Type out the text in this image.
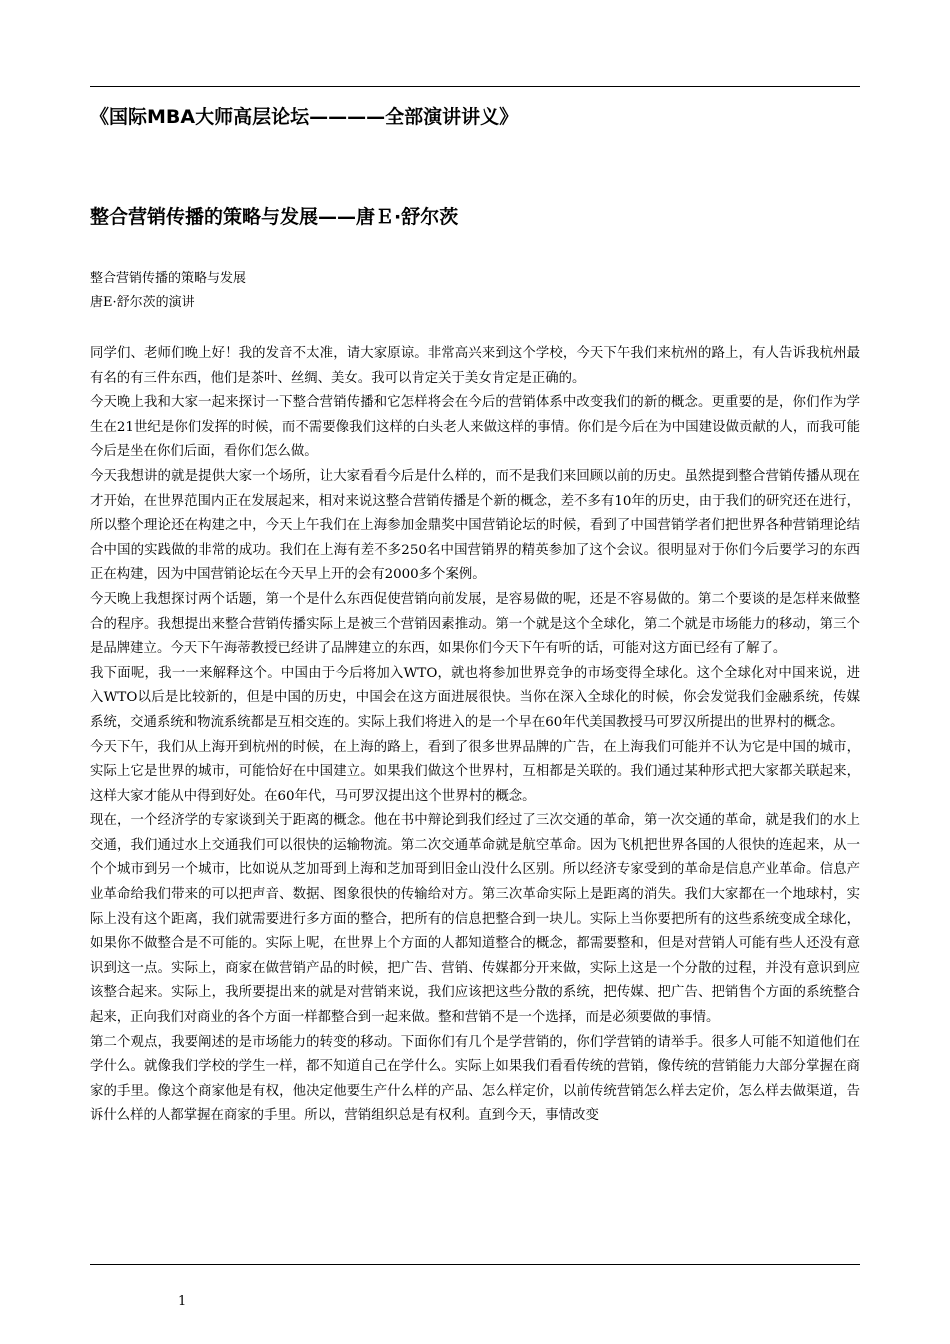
《国际MBA大师高层论坛————全部演讲讲义》
整合营销传播的策略与发展——唐Ｅ·舒尔茨
整合营销传播的策略与发展
唐E·舒尔茨的演讲

同学们、老师们晚上好！我的发音不太准，请大家原谅。非常高兴来到这个学校，今天下午我们来杭州的路上，有人告诉我杭州最有名的有三件东西，他们是茶叶、丝绸、美女。我可以肯定关于美女肯定是正确的。

今天晚上我和大家一起来探讨一下整合营销传播和它怎样将会在今后的营销体系中改变我们的新的概念。更重要的是，你们作为学生在21世纪是你们发挥的时候，而不需要像我们这样的白头老人来做这样的事情。你们是今后在为中国建设做贡献的人，而我可能今后是坐在你们后面，看你们怎么做。

今天我想讲的就是提供大家一个场所，让大家看看今后是什么样的，而不是我们来回顾以前的历史。虽然提到整合营销传播从现在才开始，在世界范围内正在发展起来，相对来说这整合营销传播是个新的概念，差不多有10年的历史，由于我们的研究还在进行，所以整个理论还在构建之中，今天上午我们在上海参加金鼎奖中国营销论坛的时候，看到了中国营销学者们把世界各种营销理论结合中国的实践做的非常的成功。我们在上海有差不多250名中国营销界的精英参加了这个会议。很明显对于你们今后要学习的东西正在构建，因为中国营销论坛在今天早上开的会有2000多个案例。

今天晚上我想探讨两个话题，第一个是什么东西促使营销向前发展，是容易做的呢，还是不容易做的。第二个要谈的是怎样来做整合的程序。我想提出来整合营销传播实际上是被三个营销因素推动。第一个就是这个全球化，第二个就是市场能力的移动，第三个是品牌建立。今天下午海蒂教授已经讲了品牌建立的东西，如果你们今天下午有听的话，可能对这方面已经有了解了。

我下面呢，我一一来解释这个。中国由于今后将加入WTO，就也将参加世界竞争的市场变得全球化。这个全球化对中国来说，进入WTO以后是比较新的，但是中国的历史，中国会在这方面进展很快。当你在深入全球化的时候，你会发觉我们金融系统，传媒系统，交通系统和物流系统都是互相交连的。实际上我们将进入的是一个早在60年代美国教授马可罗汉所提出的世界村的概念。

今天下午，我们从上海开到杭州的时候，在上海的路上，看到了很多世界品牌的广告，在上海我们可能并不认为它是中国的城市，实际上它是世界的城市，可能恰好在中国建立。如果我们做这个世界村，互相都是关联的。我们通过某种形式把大家都关联起来，这样大家才能从中得到好处。在60年代，马可罗汉提出这个世界村的概念。

现在，一个经济学的专家谈到关于距离的概念。他在书中辩论到我们经过了三次交通的革命，第一次交通的革命，就是我们的水上交通，我们通过水上交通我们可以很快的运输物流。第二次交通革命就是航空革命。因为飞机把世界各国的人很快的连起来，从一个个城市到另一个城市，比如说从芝加哥到上海和芝加哥到旧金山没什么区别。所以经济专家受到的革命是信息产业革命。信息产业革命给我们带来的可以把声音、数据、图象很快的传输给对方。第三次革命实际上是距离的消失。我们大家都在一个地球村，实际上没有这个距离，我们就需要进行多方面的整合，把所有的信息把整合到一块儿。实际上当你要把所有的这些系统变成全球化，如果你不做整合是不可能的。实际上呢，在世界上个方面的人都知道整合的概念，都需要整和，但是对营销人可能有些人还没有意识到这一点。实际上，商家在做营销产品的时候，把广告、营销、传媒都分开来做，实际上这是一个分散的过程，并没有意识到应该整合起来。实际上，我所要提出来的就是对营销来说，我们应该把这些分散的系统，把传媒、把广告、把销售个方面的系统整合起来，正向我们对商业的各个方面一样都整合到一起来做。整和营销不是一个选择，而是必须要做的事情。

第二个观点，我要阐述的是市场能力的转变的移动。下面你们有几个是学营销的，你们学营销的请举手。很多人可能不知道他们在学什么。就像我们学校的学生一样，都不知道自己在学什么。实际上如果我们看看传统的营销，像传统的营销能力大部分掌握在商家的手里。像这个商家他是有权，他决定他要生产什么样的产品、怎么样定价，以前传统营销怎么样去定价，怎么样去做渠道，告诉什么样的人都掌握在商家的手里。所以，营销组织总是有权利。直到今天，事情改变

1
